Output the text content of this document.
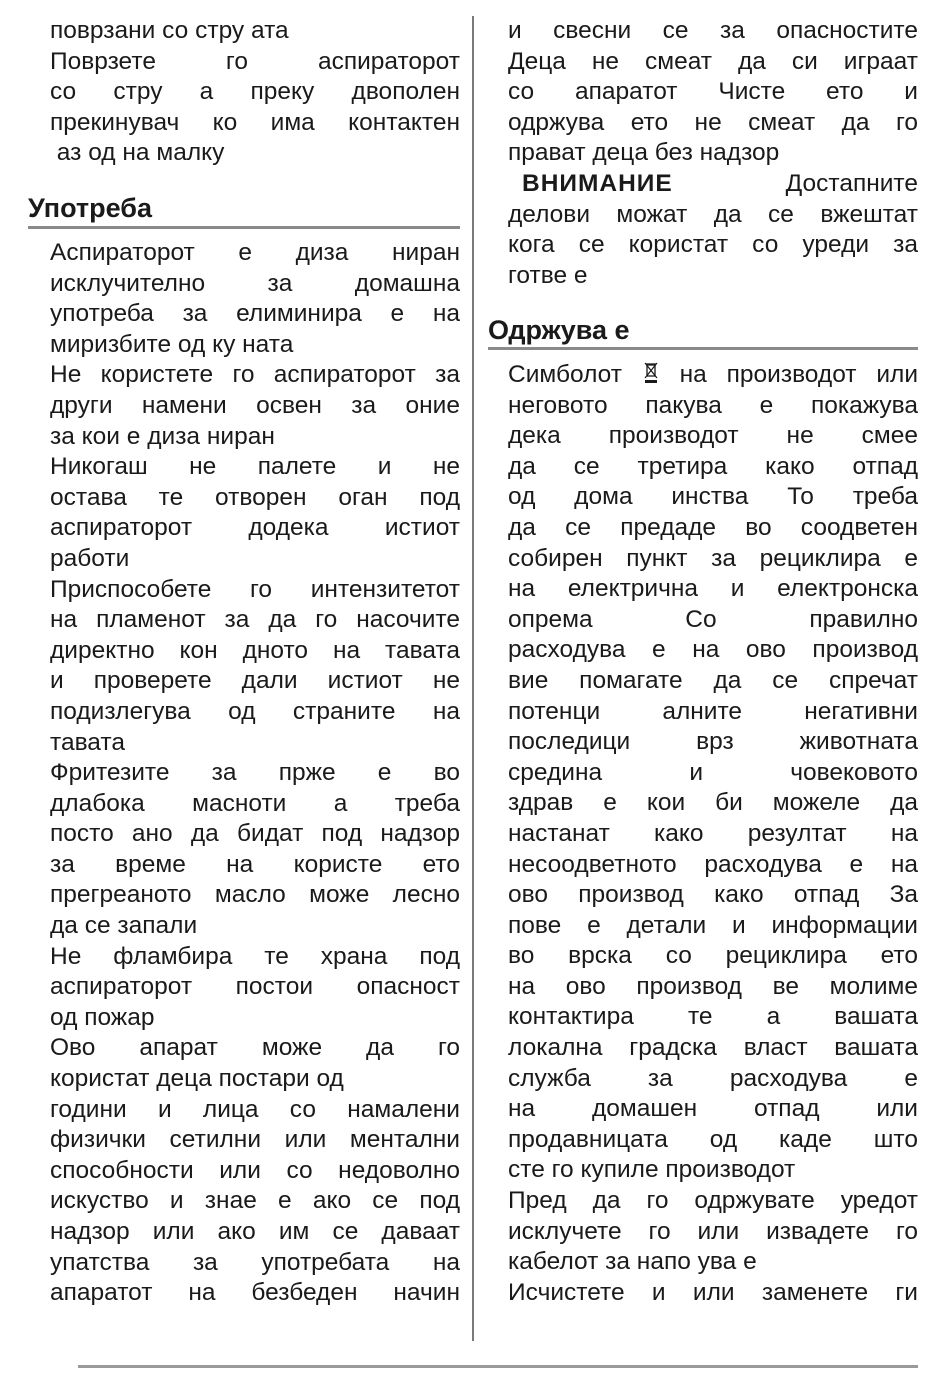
поврзани со стру ата
Поврзете го аспираторот
со стру а преку двополен
прекинувач ко има контактен
аз од на малку
Употреба
Аспираторот е диза ниран
исклучително за домашна
употреба за елиминира е на
миризбите од ку ната
Не користете го аспираторот за
други намени освен за оние
за кои е диза ниран
Никогаш не палете и не
остава те отворен оган под
аспираторот додека истиот
работи
Приспособете го интензитетот
на пламенот за да го насочите
директно кон дното на тавата
и проверете дали истиот не
подизлегува од страните на
тавата
Фритезите за прже е во
длабока масноти а треба
посто ано да бидат под надзор
за време на користе ето
прегреаното масло може лесно
да се запали
Не фламбира те храна под
аспираторот постои опасност
од пожар
Ово апарат може да го
користат деца постари од
години и лица со намалени
физички сетилни или ментални
способности или со недоволно
искуство и знае е ако се под
надзор или ако им се даваат
упатства за употребата на
апаратот на безбеден начин
и свесни се за опасностите
Деца не смеат да си играат
со апаратот Чисте ето и
одржува ето не смеат да го
прават деца без надзор
ВНИМАНИЕ	Достапните
делови можат да се вжештат
кога се користат со уреди за
готве е
Одржува е
Симболот на производот или
неговото пакува е покажува
дека производот не смее
да се третира како отпад
од дома инства То треба
да се предаде во соодветен
собирен пункт за рециклира е
на електрична и електронска
опрема Со правилно
расходува е на ово производ
вие помагате да се спречат
потенци алните негативни
последици врз животната
средина и човековото
здрав е кои би можеле да
настанат како резултат на
несоодветното расходува е на
ово производ како отпад За
пове е детали и информации
во врска со рециклира ето
на ово производ ве молиме
контактира те а вашата
локална градска власт вашата
служба за расходува е
на домашен отпад или
продавницата од каде што
сте го купиле производот
Пред да го одржувате уредот
исклучете го или извадете го
кабелот за напо ува е
Исчистете и или заменете ги
